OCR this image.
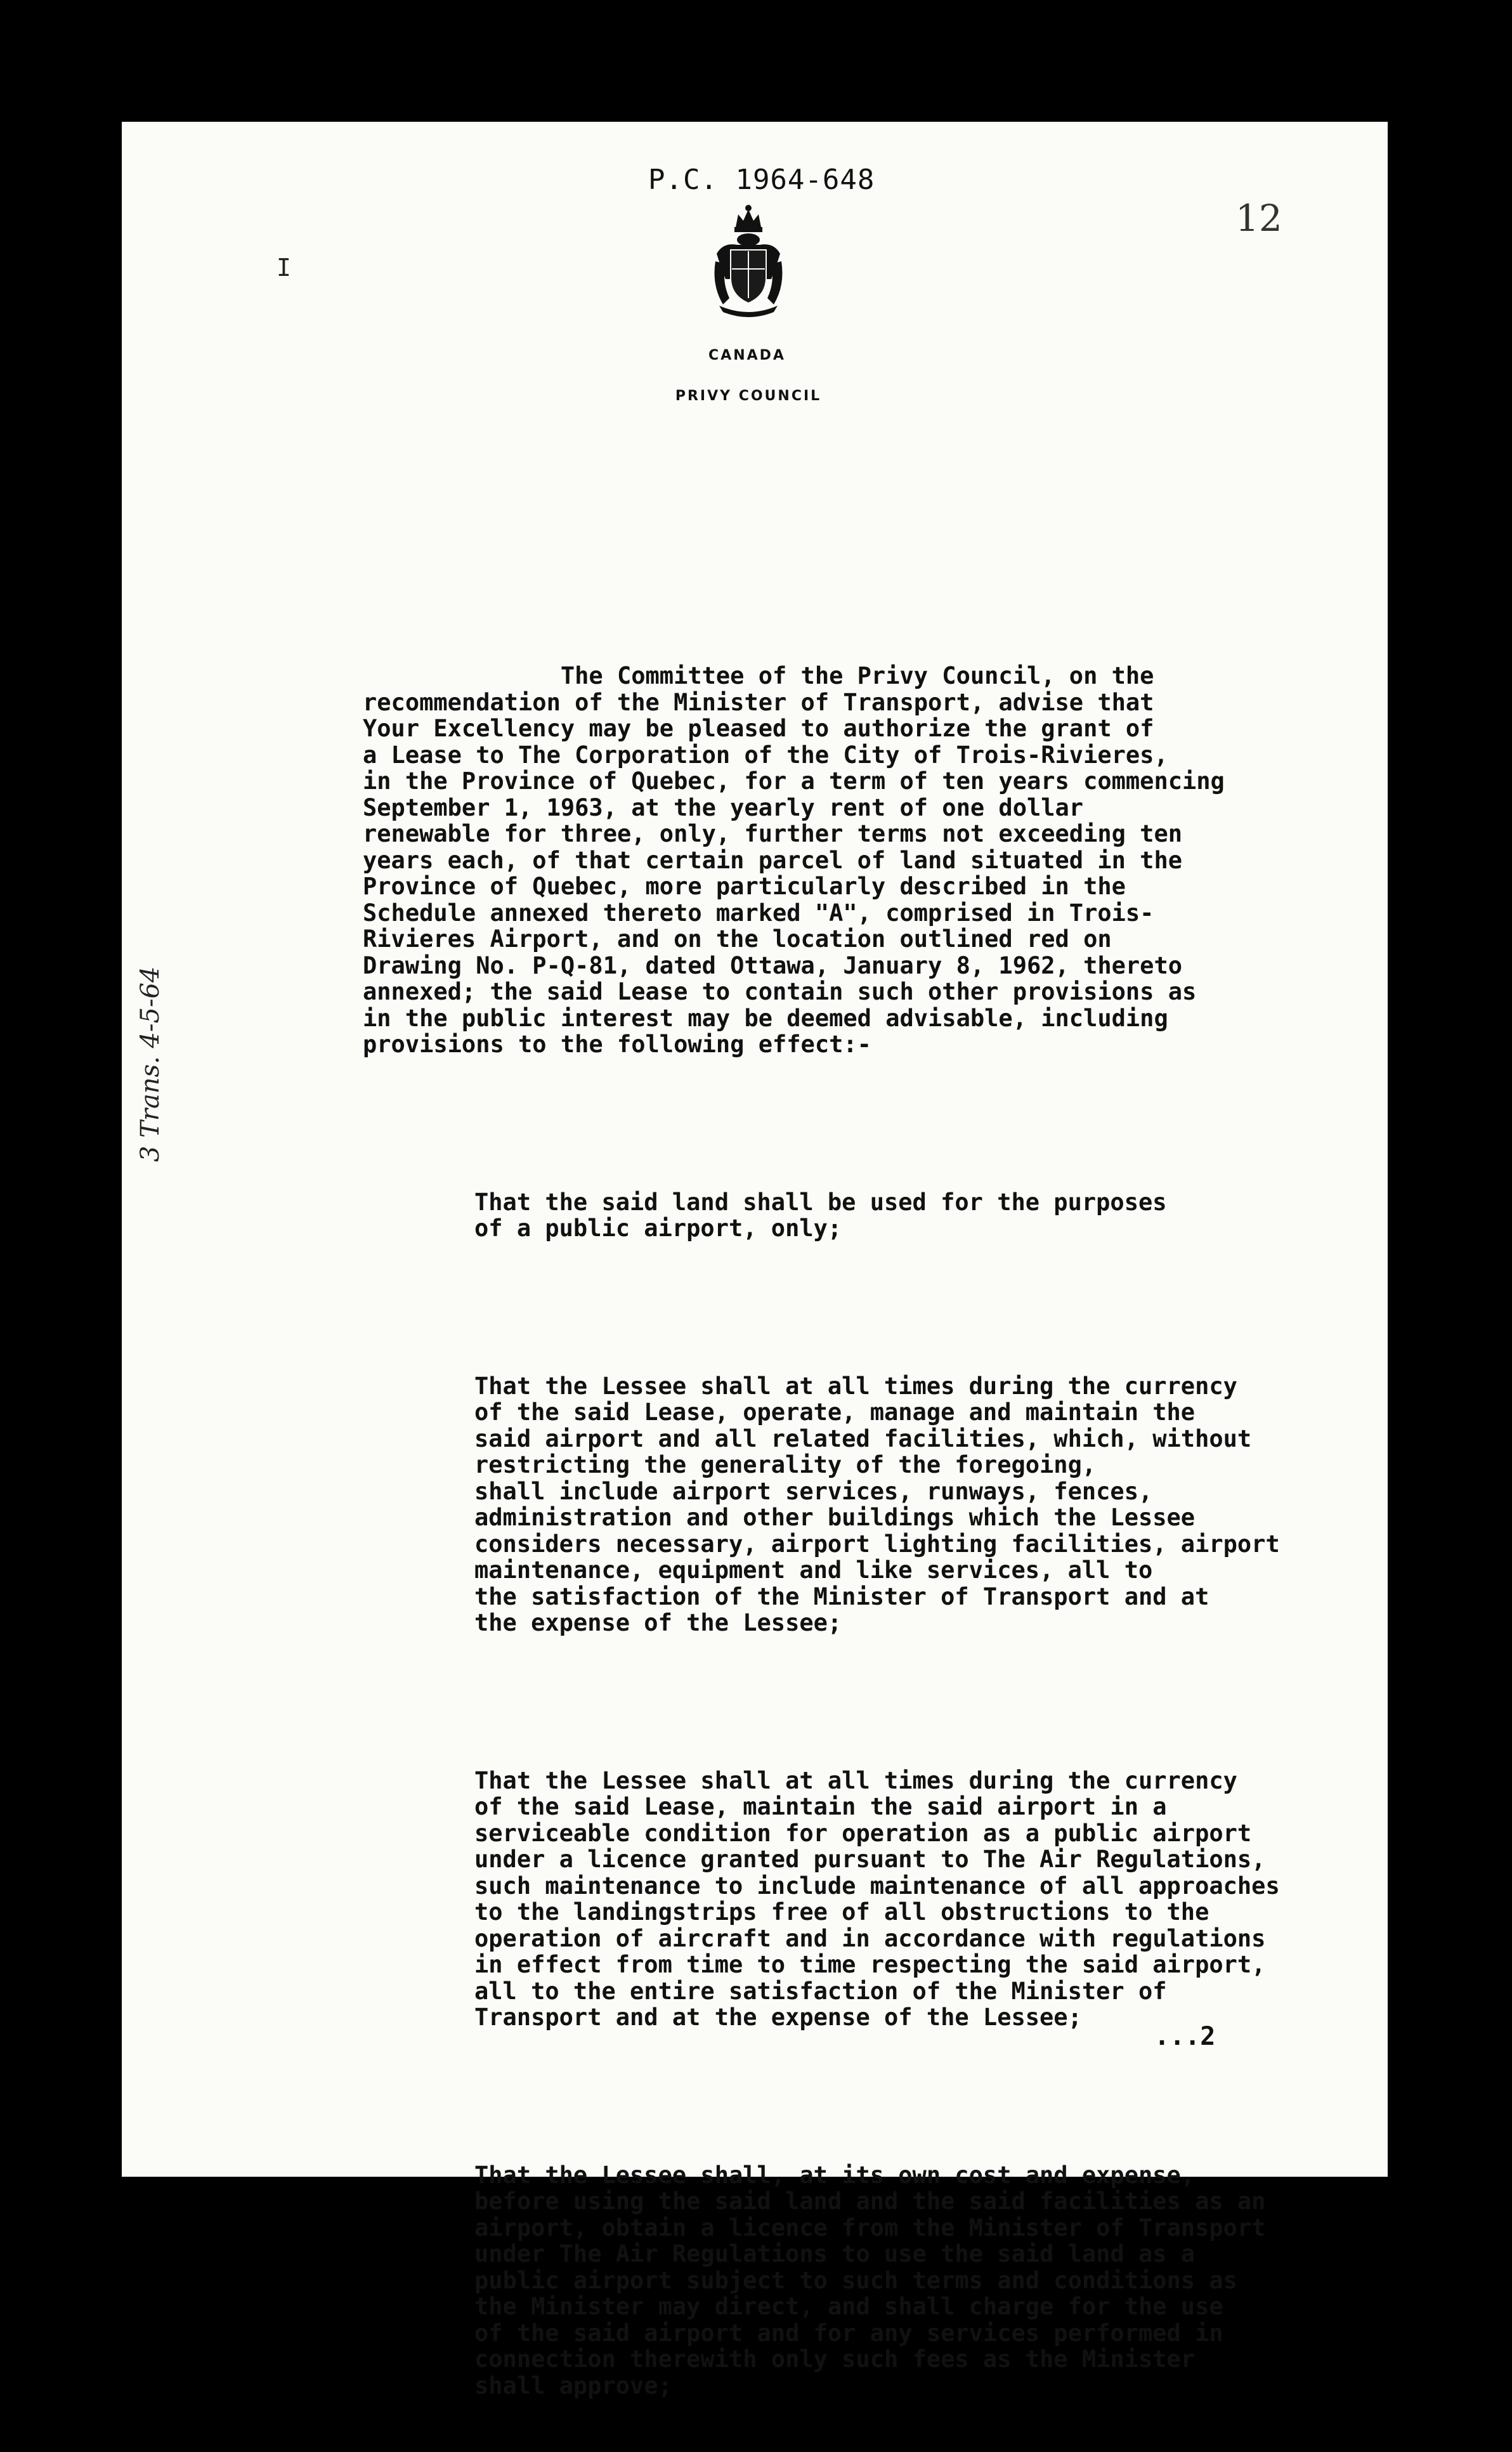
P.C. 1964-648
12
I
CANADA
PRIVY COUNCIL
3 Trans. 4-5-64

The Committee of the Privy Council, on the
recommendation of the Minister of Transport, advise that
Your Excellency may be pleased to authorize the grant of
a Lease to The Corporation of the City of Trois-Rivieres,
in the Province of Quebec, for a term of ten years commencing
September 1, 1963, at the yearly rent of one dollar
renewable for three, only, further terms not exceeding ten
years each, of that certain parcel of land situated in the
Province of Quebec, more particularly described in the
Schedule annexed thereto marked "A", comprised in Trois-
Rivieres Airport, and on the location outlined red on
Drawing No. P-Q-81, dated Ottawa, January 8, 1962, thereto
annexed; the said Lease to contain such other provisions as
in the public interest may be deemed advisable, including
provisions to the following effect:-

That the said land shall be used for the purposes
of a public airport, only;

That the Lessee shall at all times during the currency
of the said Lease, operate, manage and maintain the
said airport and all related facilities, which, without
restricting the generality of the foregoing,
shall include airport services, runways, fences,
administration and other buildings which the Lessee
considers necessary, airport lighting facilities, airport
maintenance, equipment and like services, all to
the satisfaction of the Minister of Transport and at
the expense of the Lessee;

That the Lessee shall at all times during the currency
of the said Lease, maintain the said airport in a
serviceable condition for operation as a public airport
under a licence granted pursuant to The Air Regulations,
such maintenance to include maintenance of all approaches
to the landingstrips free of all obstructions to the
operation of aircraft and in accordance with regulations
in effect from time to time respecting the said airport,
all to the entire satisfaction of the Minister of
Transport and at the expense of the Lessee;

That the Lessee shall, at its own cost and expense,
before using the said land and the said facilities as an
airport, obtain a licence from the Minister of Transport
under The Air Regulations to use the said land as a
public airport subject to such terms and conditions as
the Minister may direct, and shall charge for the use
of the said airport and for any services performed in
connection therewith only such fees as the Minister
shall approve;

...2
